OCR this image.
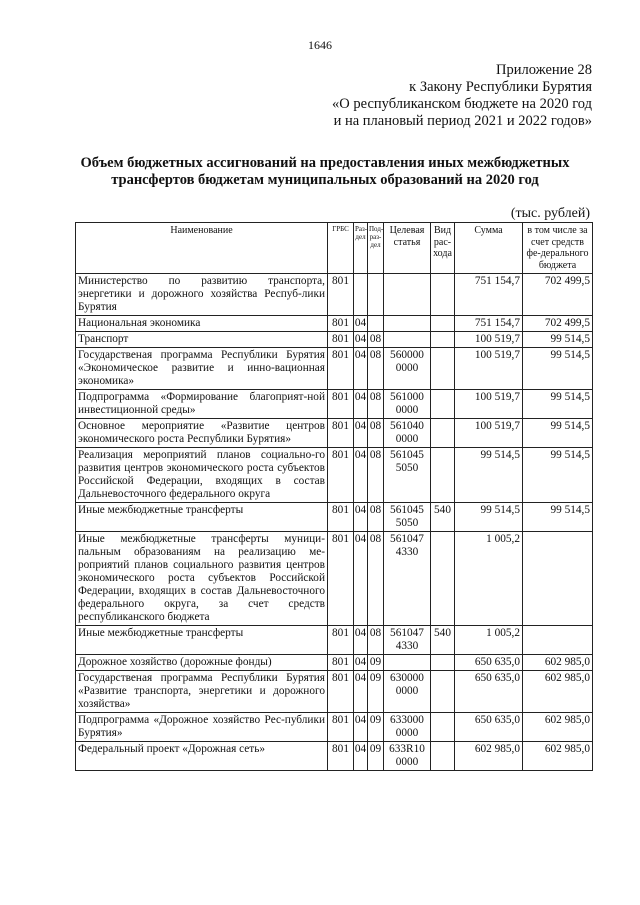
1646
Приложение 28
к Закону Республики Бурятия
«О республиканском бюджете на 2020 год
и на плановый период 2021 и 2022 годов»
Объем бюджетных ассигнований на предоставления иных межбюджетных
трансфертов бюджетам муниципальных образований на 2020 год
(тыс. рублей)
Наименование	ГРБС	Раз-дел	Под-раз-дел	Целевая статья	Вид рас-хода	Сумма	в том числе за счет средств фе-дерального бюджета
Министерство по развитию транспорта, энергетики и дорожного хозяйства Респуб-лики Бурятия	801					751 154,7	702 499,5
Национальная экономика	801	04				751 154,7	702 499,5
Транспорт	801	04	08			100 519,7	99 514,5
Государственая программа Республики Бурятия «Экономическое развитие и инно-вационная экономика»	801	04	08	560000 0000		100 519,7	99 514,5
Подпрограмма «Формирование благоприят-ной инвестиционной среды»	801	04	08	561000 0000		100 519,7	99 514,5
Основное мероприятие «Развитие центров экономического роста Республики Бурятия»	801	04	08	561040 0000		100 519,7	99 514,5
Реализация мероприятий планов социально-го развития центров экономического роста субъектов Российской Федерации, входящих в состав Дальневосточного федерального округа	801	04	08	561045 5050		99 514,5	99 514,5
Иные межбюджетные трансферты	801	04	08	561045 5050	540	99 514,5	99 514,5
Иные межбюджетные трансферты муници-пальным образованиям на реализацию ме-роприятий планов социального развития центров экономического роста субъектов Российской Федерации, входящих в состав Дальневосточного федерального округа, за счет средств республиканского бюджета	801	04	08	561047 4330		1 005,2	
Иные межбюджетные трансферты	801	04	08	561047 4330	540	1 005,2	
Дорожное хозяйство (дорожные фонды)	801	04	09			650 635,0	602 985,0
Государственая программа Республики Бурятия «Развитие транспорта, энергетики и дорожного хозяйства»	801	04	09	630000 0000		650 635,0	602 985,0
Подпрограмма «Дорожное хозяйство Рес-публики Бурятия»	801	04	09	633000 0000		650 635,0	602 985,0
Федеральный проект «Дорожная сеть»	801	04	09	633R10 0000		602 985,0	602 985,0
